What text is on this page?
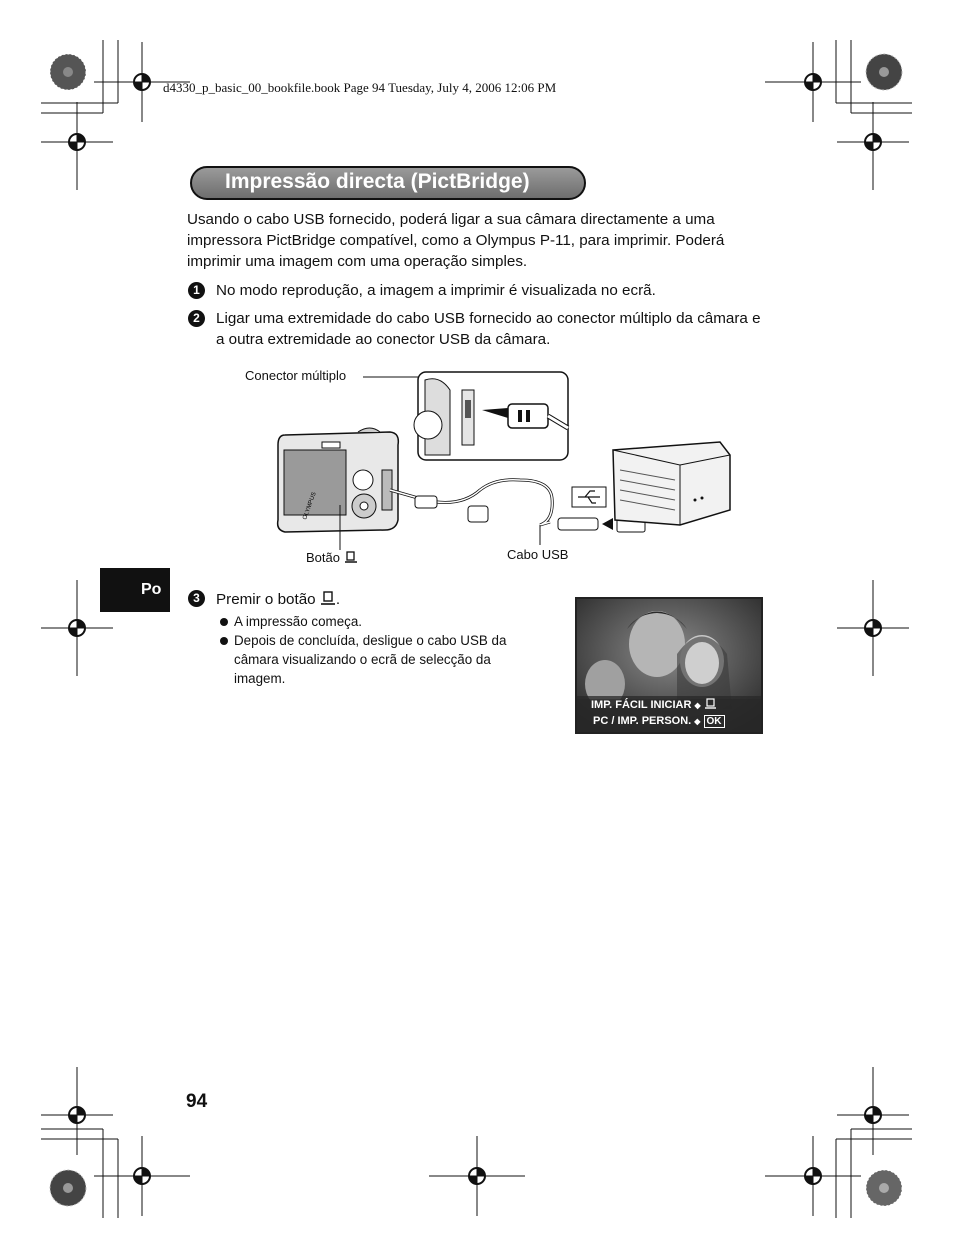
d4330_p_basic_00_bookfile.book Page 94 Tuesday, July 4, 2006 12:06 PM
Impressão directa (PictBridge)
Usando o cabo USB fornecido, poderá ligar a sua câmara directamente a uma impressora PictBridge compatível, como a Olympus P-11, para imprimir. Poderá imprimir uma imagem com uma operação simples.
1	No modo reprodução, a imagem a imprimir é visualizada no ecrã.
2	Ligar uma extremidade do cabo USB fornecido ao conector múltiplo da câmara e a outra extremidade ao conector USB da câmara.
OLYMPUS
Conector múltiplo
Botão	Cabo USB
Po	3	Premir o botão .
A impressão começa.
Depois de concluída, desligue o cabo USB da câmara visualizando o ecrã de selecção da imagem.
IMP. FÁCIL INICIAR ◆
PC / IMP. PERSON. ◆ OK
94
